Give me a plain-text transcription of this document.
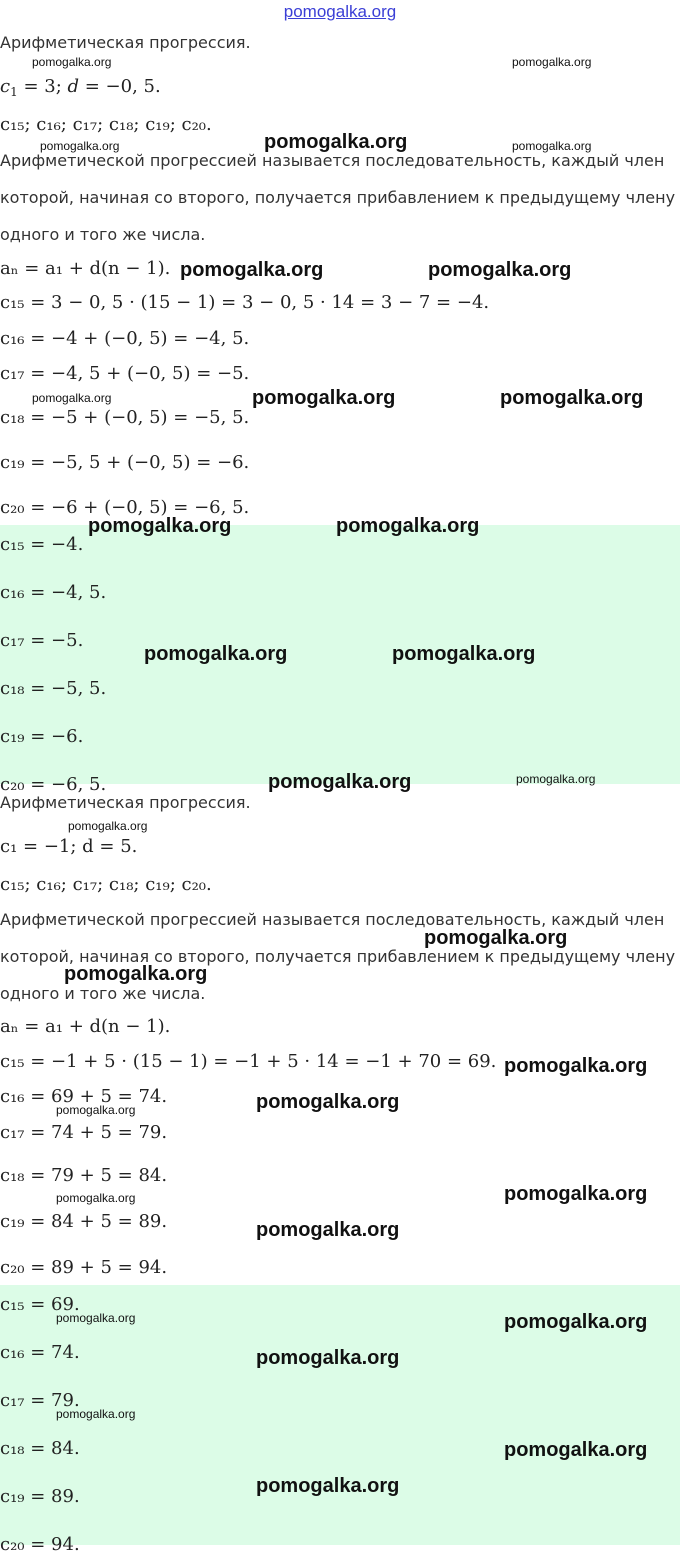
pomogalka.org
Арифметическая прогрессия.
$c_1 = 3$; d = −0, 5.
c₁₅; c₁₆; c₁₇; c₁₈; c₁₉; c₂₀.
Арифметической прогрессией называется последовательность, каждый член
которой, начиная со второго, получается прибавлением к предыдущему члену
одного и того же числа.
aₙ = a₁ + d(n − 1).
c₁₅ = 3 − 0, 5 · (15 − 1) = 3 − 0, 5 · 14 = 3 − 7 = −4.
c₁₆ = −4 + (−0, 5) = −4, 5.
c₁₇ = −4, 5 + (−0, 5) = −5.
c₁₈ = −5 + (−0, 5) = −5, 5.
c₁₉ = −5, 5 + (−0, 5) = −6.
c₂₀ = −6 + (−0, 5) = −6, 5.
c₁₅ = −4.
c₁₆ = −4, 5.
c₁₇ = −5.
c₁₈ = −5, 5.
c₁₉ = −6.
c₂₀ = −6, 5.
Арифметическая прогрессия.
c₁ = −1; d = 5.
c₁₅; c₁₆; c₁₇; c₁₈; c₁₉; c₂₀.
Арифметической прогрессией называется последовательность, каждый член
которой, начиная со второго, получается прибавлением к предыдущему члену
одного и того же числа.
aₙ = a₁ + d(n − 1).
c₁₅ = −1 + 5 · (15 − 1) = −1 + 5 · 14 = −1 + 70 = 69.
c₁₆ = 69 + 5 = 74.
c₁₇ = 74 + 5 = 79.
c₁₈ = 79 + 5 = 84.
c₁₉ = 84 + 5 = 89.
c₂₀ = 89 + 5 = 94.
c₁₅ = 69.
c₁₆ = 74.
c₁₇ = 79.
c₁₈ = 84.
c₁₉ = 89.
c₂₀ = 94.
pomogalka.org	pomogalka.org
pomogalka.org	pomogalka.org	pomogalka.org
pomogalka.org	pomogalka.org
pomogalka.org	pomogalka.org	pomogalka.org
pomogalka.org	pomogalka.org
pomogalka.org	pomogalka.org
pomogalka.org	pomogalka.org
pomogalka.org
pomogalka.org
pomogalka.org
pomogalka.org
pomogalka.org
pomogalka.org
pomogalka.org
pomogalka.org
pomogalka.org
pomogalka.org	pomogalka.org
pomogalka.org
pomogalka.org
pomogalka.org
pomogalka.org
